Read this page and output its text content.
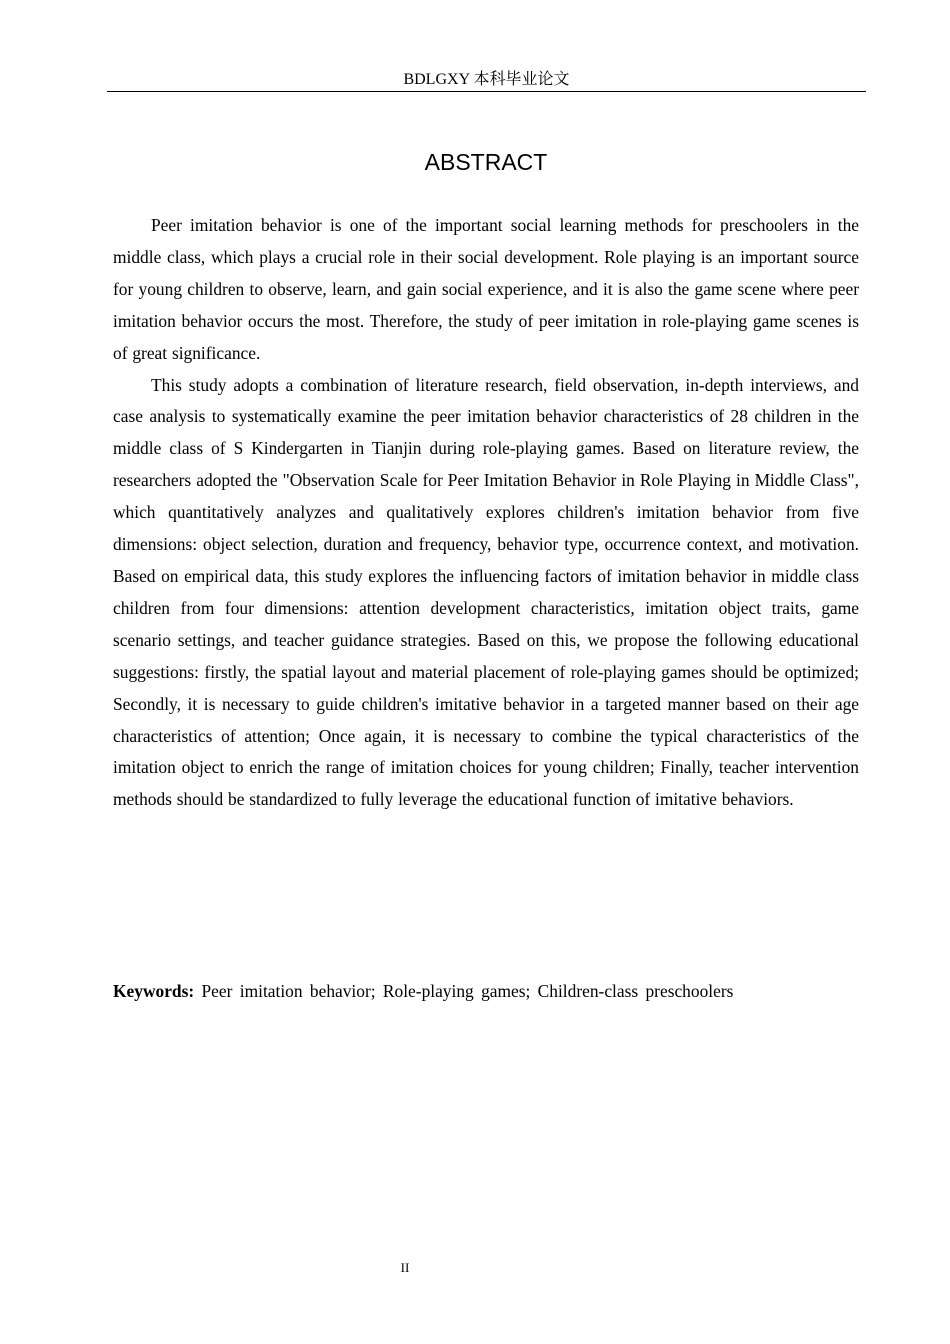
BDLGXY 本科毕业论文
ABSTRACT

Peer imitation behavior is one of the important social learning methods for preschoolers in the middle class, which plays a crucial role in their social development. Role playing is an important source for young children to observe, learn, and gain social experience, and it is also the game scene where peer imitation behavior occurs the most. Therefore, the study of peer imitation in role-playing game scenes is of great significance.

This study adopts a combination of literature research, field observation, in-depth interviews, and case analysis to systematically examine the peer imitation behavior characteristics of 28 children in the middle class of S Kindergarten in Tianjin during role-playing games. Based on literature review, the researchers adopted the "Observation Scale for Peer Imitation Behavior in Role Playing in Middle Class", which quantitatively analyzes and qualitatively explores children's imitation behavior from five dimensions: object selection, duration and frequency, behavior type, occurrence context, and motivation. Based on empirical data, this study explores the influencing factors of imitation behavior in middle class children from four dimensions: attention development characteristics, imitation object traits, game scenario settings, and teacher guidance strategies. Based on this, we propose the following educational suggestions: firstly, the spatial layout and material placement of role-playing games should be optimized; Secondly, it is necessary to guide children's imitative behavior in a targeted manner based on their age characteristics of attention; Once again, it is necessary to combine the typical characteristics of the imitation object to enrich the range of imitation choices for young children; Finally, teacher intervention methods should be standardized to fully leverage the educational function of imitative behaviors.

Keywords: Peer imitation behavior; Role-playing games; Children-class preschoolers
II
